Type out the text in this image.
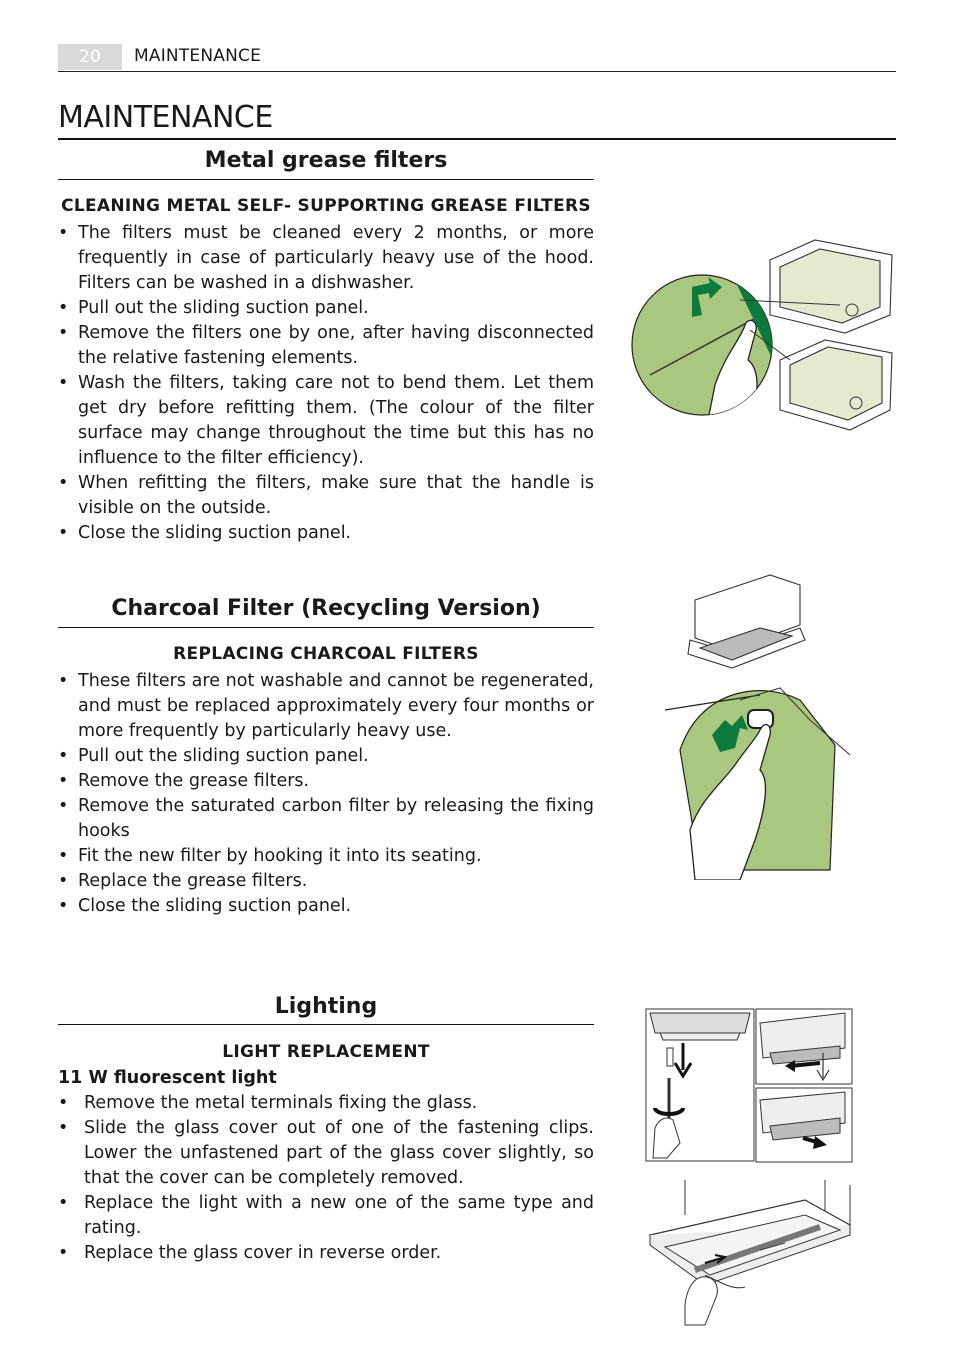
20	MAINTENANCE
MAINTENANCE
Metal grease filters
CLEANING METAL SELF- SUPPORTING GREASE FILTERS
• The filters must be cleaned every 2 months, or more frequently in case of particularly heavy use of the hood. Filters can be washed in a dishwasher.
• Pull out the sliding suction panel.
• Remove the filters one by one, after having disconnected the relative fastening elements.
• Wash the filters, taking care not to bend them. Let them get dry before refitting them. (The colour of the filter surface may change throughout the time but this has no influence to the filter efficiency).
• When refitting the filters, make sure that the handle is visible on the outside.
• Close the sliding suction panel.
Charcoal Filter (Recycling Version)
REPLACING CHARCOAL FILTERS
• These filters are not washable and cannot be regenerated, and must be replaced approximately every four months or more frequently by particularly heavy use.
• Pull out the sliding suction panel.
• Remove the grease filters.
• Remove the saturated carbon filter by releasing the fixing hooks
• Fit the new filter by hooking it into its seating.
• Replace the grease filters.
• Close the sliding suction panel.
Lighting
LIGHT REPLACEMENT
11 W fluorescent light
• Remove the metal terminals fixing the glass.
• Slide the glass cover out of one of the fastening clips. Lower the unfastened part of the glass cover slightly, so that the cover can be completely removed.
• Replace the light with a new one of the same type and rating.
• Replace the glass cover in reverse order.
